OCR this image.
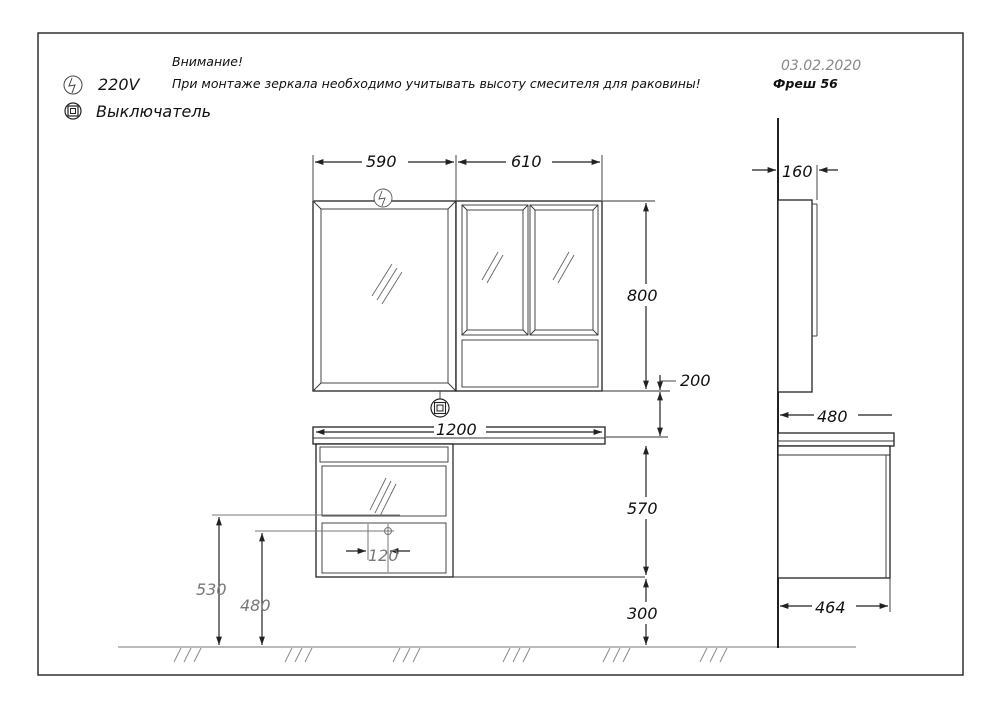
Внимание!
При монтаже зеркала необходимо учитывать высоту смесителя для раковины!
03.02.2020
Фреш 56
220V
Выключатель
590	610
800
200
1200
120
530
480
570
300
160
480
464
